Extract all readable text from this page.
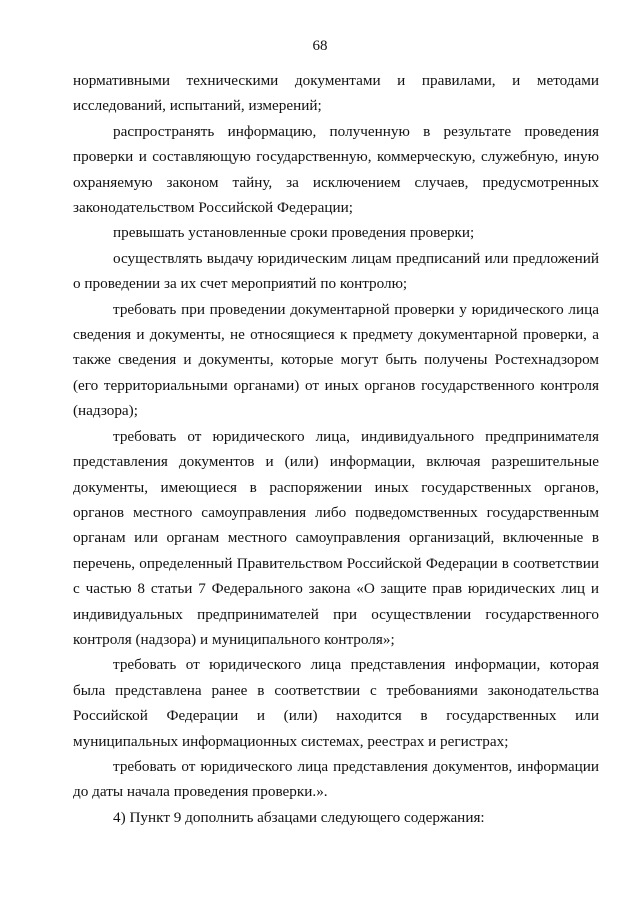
68

нормативными техническими документами и правилами, и методами исследований, испытаний, измерений;

распространять информацию, полученную в результате проведения проверки и составляющую государственную, коммерческую, служебную, иную охраняемую законом тайну, за исключением случаев, предусмотренных законодательством Российской Федерации;

превышать установленные сроки проведения проверки;

осуществлять выдачу юридическим лицам предписаний или предложений о проведении за их счет мероприятий по контролю;

требовать при проведении документарной проверки у юридического лица сведения и документы, не относящиеся к предмету документарной проверки, а также сведения и документы, которые могут быть получены Ростехнадзором (его территориальными органами) от иных органов государственного контроля (надзора);

требовать от юридического лица, индивидуального предпринимателя представления документов и (или) информации, включая разрешительные документы, имеющиеся в распоряжении иных государственных органов, органов местного самоуправления либо подведомственных государственным органам или органам местного самоуправления организаций, включенные в перечень, определенный Правительством Российской Федерации в соответствии с частью 8 статьи 7 Федерального закона «О защите прав юридических лиц и индивидуальных предпринимателей при осуществлении государственного контроля (надзора) и муниципального контроля»;

требовать от юридического лица представления информации, которая была представлена ранее в соответствии с требованиями законодательства Российской Федерации и (или) находится в государственных или муниципальных информационных системах, реестрах и регистрах;

требовать от юридического лица представления документов, информации до даты начала проведения проверки.».

4) Пункт 9 дополнить абзацами следующего содержания:
